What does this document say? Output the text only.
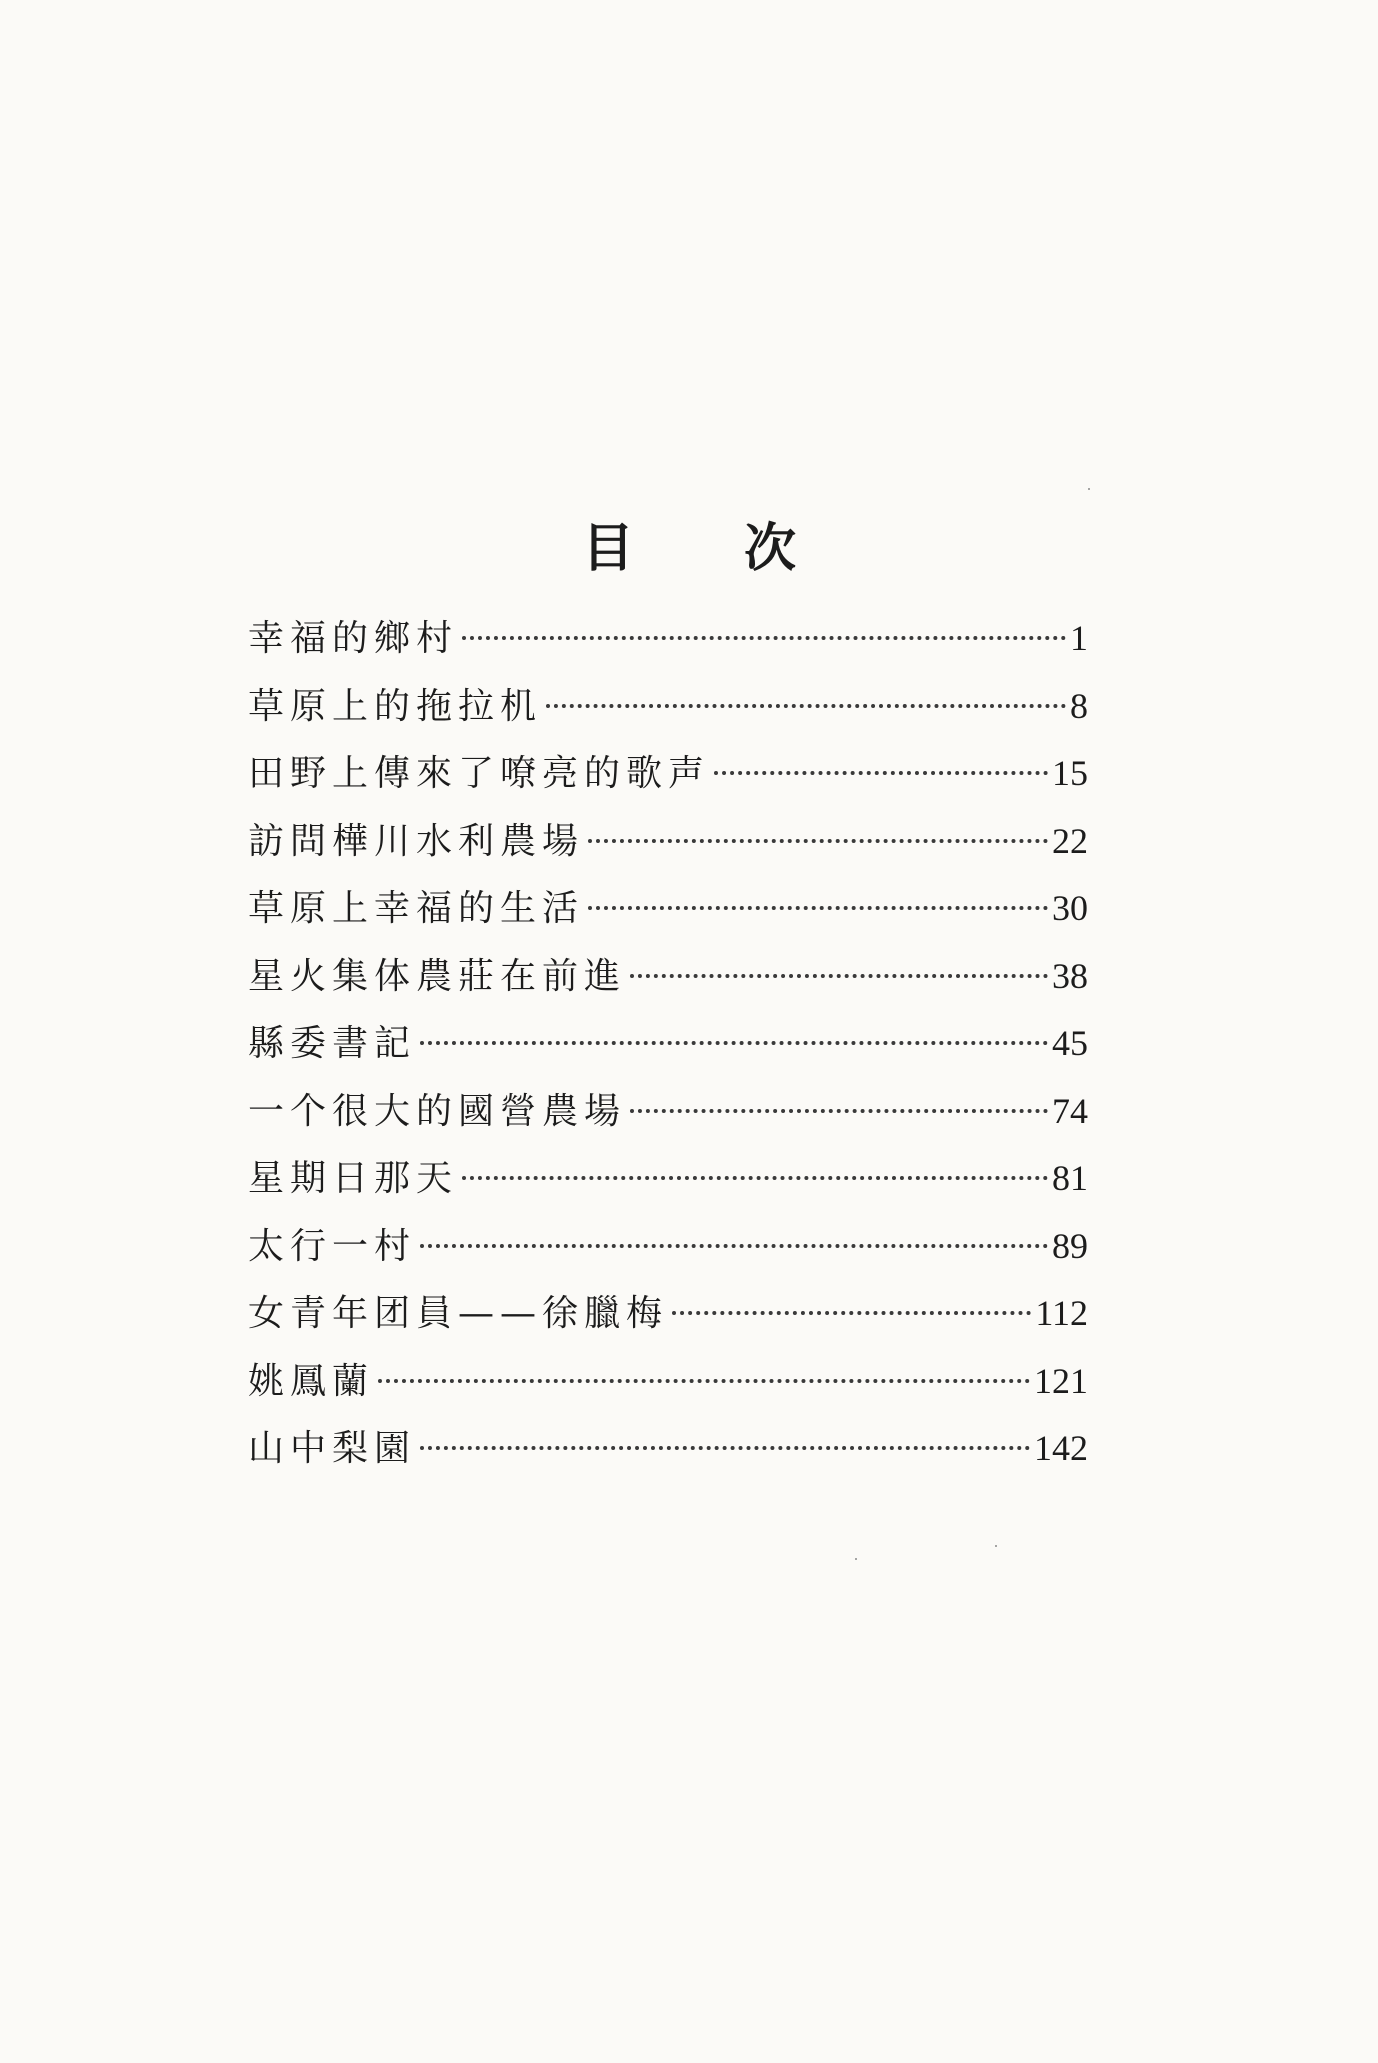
目次
幸福的鄉村	1
草原上的拖拉机	8
田野上傳來了嘹亮的歌声	15
訪問樺川水利農場	22
草原上幸福的生活	30
星火集体農莊在前進	38
縣委書記	45
一个很大的國營農場	74
星期日那天	81
太行一村	89
女青年团員——徐臘梅	112
姚鳳蘭	121
山中梨園	142
